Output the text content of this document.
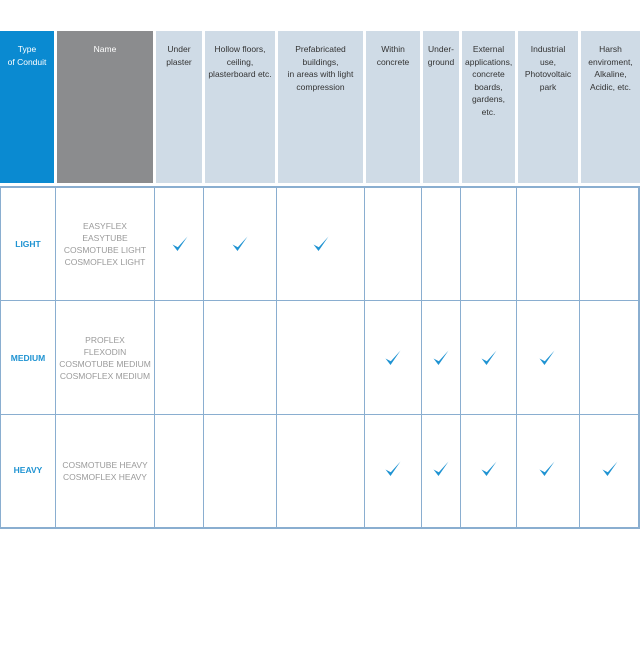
Type
of Conduit
Name	Under
plaster
Hollow floors,
ceiling,
plasterboard etc.
Prefabricated
buildings,
in areas with light
compression
Within
concrete
Under-
ground
External
applications,
concrete
boards,
gardens, etc.
Industrial
use,
Photovoltaic
park
Harsh
enviroment,
Alkaline,
Acidic, etc.
LIGHT
MEDIUM
HEAVY
EASYFLEX
EASYTUBE
COSMOTUBE LIGHT
COSMOFLEX LIGHT
PROFLEX
FLEXODIN
COSMOTUBE MEDIUM
COSMOFLEX MEDIUM
COSMOTUBE HEAVY
COSMOFLEX HEAVY
